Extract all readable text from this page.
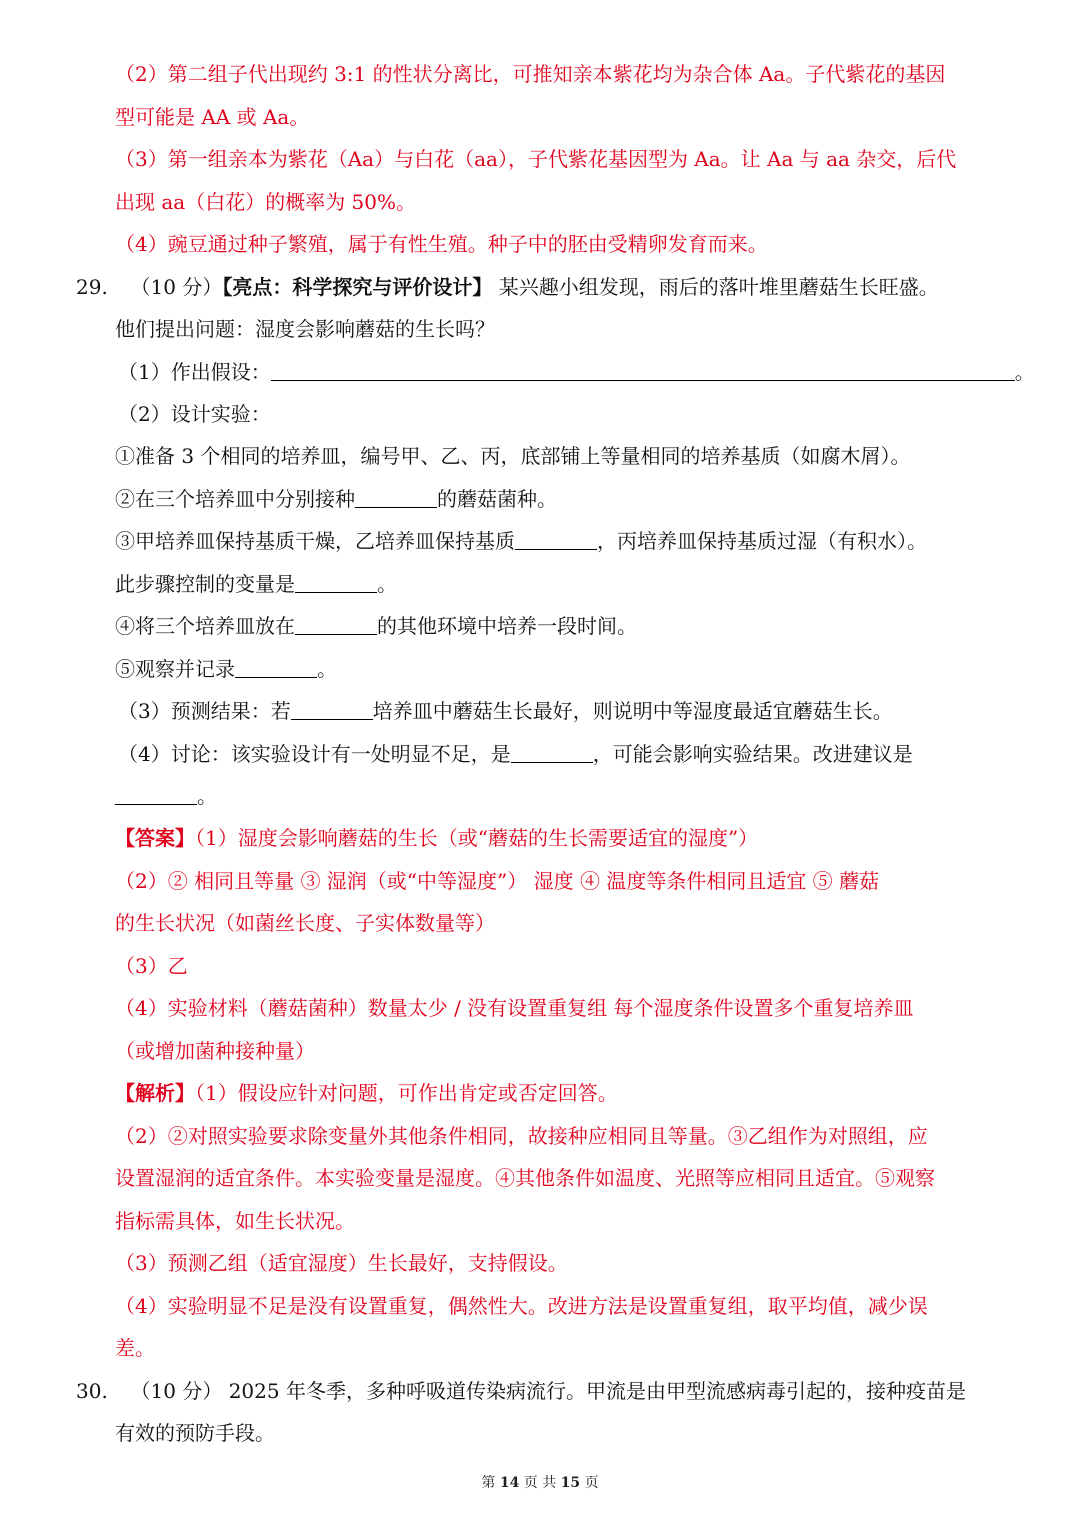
（2）第二组子代出现约 3:1 的性状分离比，可推知亲本紫花均为杂合体 Aa。子代紫花的基因
型可能是 AA 或 Aa。
（3）第一组亲本为紫花（Aa）与白花（aa），子代紫花基因型为 Aa。让 Aa 与 aa 杂交，后代
出现 aa（白花）的概率为 50%。
（4）豌豆通过种子繁殖，属于有性生殖。种子中的胚由受精卵发育而来。
29. （10 分）【亮点：科学探究与评价设计】 某兴趣小组发现，雨后的落叶堆里蘑菇生长旺盛。
他们提出问题：湿度会影响蘑菇的生长吗？
（1）作出假设：	。
（2）设计实验：
①准备 3 个相同的培养皿，编号甲、乙、丙，底部铺上等量相同的培养基质（如腐木屑）。
②在三个培养皿中分别接种	的蘑菇菌种。
③甲培养皿保持基质干燥，乙培养皿保持基质	，丙培养皿保持基质过湿（有积水）。
此步骤控制的变量是	。
④将三个培养皿放在	的其他环境中培养一段时间。
⑤观察并记录	。
（3）预测结果：若	培养皿中蘑菇生长最好，则说明中等湿度最适宜蘑菇生长。
（4）讨论：该实验设计有一处明显不足，是	，可能会影响实验结果。改进建议是
。
【答案】（1）湿度会影响蘑菇的生长（或“蘑菇的生长需要适宜的湿度”）
（2）② 相同且等量 ③ 湿润（或“中等湿度”） 湿度 ④ 温度等条件相同且适宜 ⑤ 蘑菇
的生长状况（如菌丝长度、子实体数量等）
（3）乙
（4）实验材料（蘑菇菌种）数量太少 / 没有设置重复组 每个湿度条件设置多个重复培养皿
（或增加菌种接种量）
【解析】（1）假设应针对问题，可作出肯定或否定回答。
（2）②对照实验要求除变量外其他条件相同，故接种应相同且等量。③乙组作为对照组，应
设置湿润的适宜条件。本实验变量是湿度。④其他条件如温度、光照等应相同且适宜。⑤观察
指标需具体，如生长状况。
（3）预测乙组（适宜湿度）生长最好，支持假设。
（4）实验明显不足是没有设置重复，偶然性大。改进方法是设置重复组，取平均值，减少误
差。
30. （10 分） 2025 年冬季，多种呼吸道传染病流行。甲流是由甲型流感病毒引起的，接种疫苗是
有效的预防手段。
第 14 页 共 15 页
